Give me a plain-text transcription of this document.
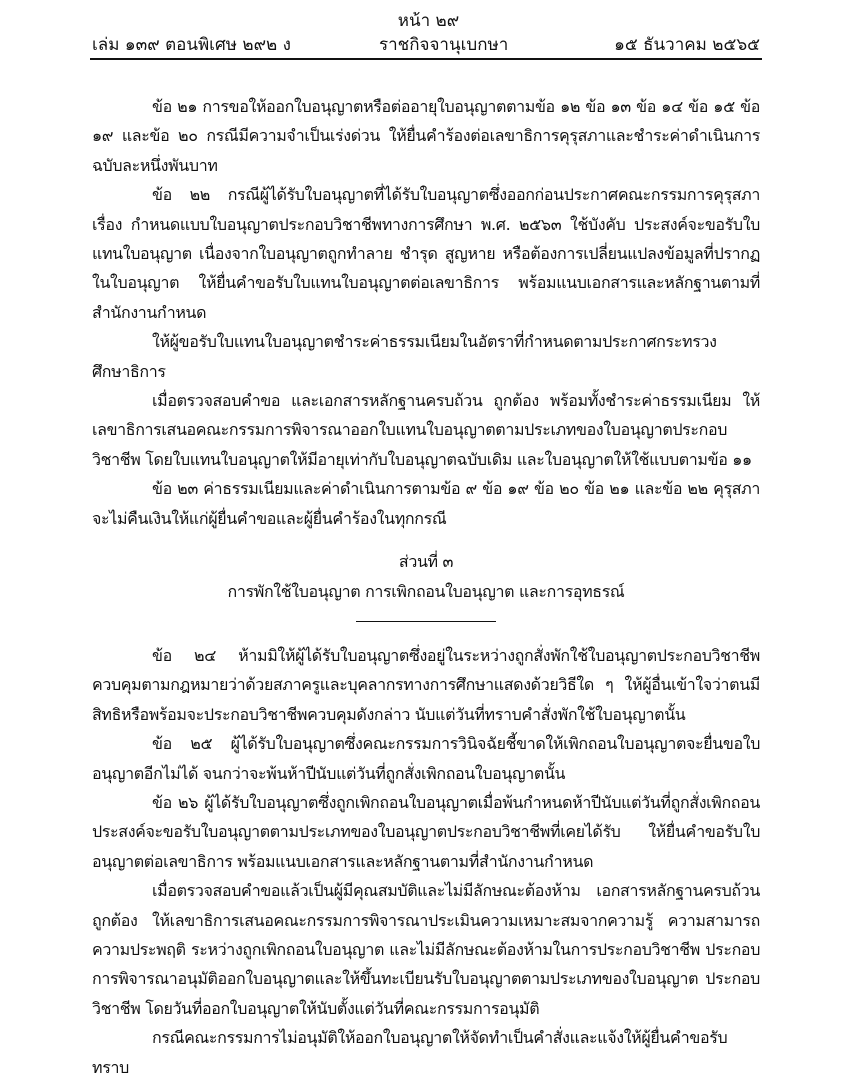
หน้า ๒๙
เล่ม ๑๓๙ ตอนพิเศษ ๒๙๒ ง	ราชกิจจานุเบกษา	๑๕ ธันวาคม ๒๕๖๕

ข้อ ๒๑ การขอให้ออกใบอนุญาตหรือต่ออายุใบอนุญาตตามข้อ ๑๒ ข้อ ๑๓ ข้อ ๑๔ ข้อ ๑๕ ข้อ ๑๙ และข้อ ๒๐ กรณีมีความจำเป็นเร่งด่วน ให้ยื่นคำร้องต่อเลขาธิการคุรุสภาและชำระค่าดำเนินการฉบับละหนึ่งพันบาท

ข้อ ๒๒ กรณีผู้ได้รับใบอนุญาตที่ได้รับใบอนุญาตซึ่งออกก่อนประกาศคณะกรรมการคุรุสภา เรื่อง กำหนดแบบใบอนุญาตประกอบวิชาชีพทางการศึกษา พ.ศ. ๒๕๖๓ ใช้บังคับ ประสงค์จะขอรับใบแทนใบอนุญาต เนื่องจากใบอนุญาตถูกทำลาย ชำรุด สูญหาย หรือต้องการเปลี่ยนแปลงข้อมูลที่ปรากฏในใบอนุญาต ให้ยื่นคำขอรับใบแทนใบอนุญาตต่อเลขาธิการ พร้อมแนบเอกสารและหลักฐานตามที่สำนักงานกำหนด

ให้ผู้ขอรับใบแทนใบอนุญาตชำระค่าธรรมเนียมในอัตราที่กำหนดตามประกาศกระทรวงศึกษาธิการ

เมื่อตรวจสอบคำขอ และเอกสารหลักฐานครบถ้วน ถูกต้อง พร้อมทั้งชำระค่าธรรมเนียม ให้เลขาธิการเสนอคณะกรรมการพิจารณาออกใบแทนใบอนุญาตตามประเภทของใบอนุญาตประกอบวิชาชีพ โดยใบแทนใบอนุญาตให้มีอายุเท่ากับใบอนุญาตฉบับเดิม และใบอนุญาตให้ใช้แบบตามข้อ ๑๑

ข้อ ๒๓ ค่าธรรมเนียมและค่าดำเนินการตามข้อ ๙ ข้อ ๑๙ ข้อ ๒๐ ข้อ ๒๑ และข้อ ๒๒ คุรุสภาจะไม่คืนเงินให้แก่ผู้ยื่นคำขอและผู้ยื่นคำร้องในทุกกรณี

ส่วนที่ ๓

การพักใช้ใบอนุญาต การเพิกถอนใบอนุญาต และการอุทธรณ์

ข้อ ๒๔ ห้ามมิให้ผู้ได้รับใบอนุญาตซึ่งอยู่ในระหว่างถูกสั่งพักใช้ใบอนุญาตประกอบวิชาชีพควบคุมตามกฎหมายว่าด้วยสภาครูและบุคลากรทางการศึกษาแสดงด้วยวิธีใด ๆ ให้ผู้อื่นเข้าใจว่าตนมีสิทธิหรือพร้อมจะประกอบวิชาชีพควบคุมดังกล่าว นับแต่วันที่ทราบคำสั่งพักใช้ใบอนุญาตนั้น

ข้อ ๒๕ ผู้ได้รับใบอนุญาตซึ่งคณะกรรมการวินิจฉัยชี้ขาดให้เพิกถอนใบอนุญาตจะยื่นขอใบอนุญาตอีกไม่ได้ จนกว่าจะพ้นห้าปีนับแต่วันที่ถูกสั่งเพิกถอนใบอนุญาตนั้น

ข้อ ๒๖ ผู้ได้รับใบอนุญาตซึ่งถูกเพิกถอนใบอนุญาตเมื่อพ้นกำหนดห้าปีนับแต่วันที่ถูกสั่งเพิกถอนประสงค์จะขอรับใบอนุญาตตามประเภทของใบอนุญาตประกอบวิชาชีพที่เคยได้รับ ให้ยื่นคำขอรับใบอนุญาตต่อเลขาธิการ พร้อมแนบเอกสารและหลักฐานตามที่สำนักงานกำหนด

เมื่อตรวจสอบคำขอแล้วเป็นผู้มีคุณสมบัติและไม่มีลักษณะต้องห้าม เอกสารหลักฐานครบถ้วน ถูกต้อง ให้เลขาธิการเสนอคณะกรรมการพิจารณาประเมินความเหมาะสมจากความรู้ ความสามารถ ความประพฤติ ระหว่างถูกเพิกถอนใบอนุญาต และไม่มีลักษณะต้องห้ามในการประกอบวิชาชีพ ประกอบการพิจารณาอนุมัติออกใบอนุญาตและให้ขึ้นทะเบียนรับใบอนุญาตตามประเภทของใบอนุญาต ประกอบวิชาชีพ โดยวันที่ออกใบอนุญาตให้นับตั้งแต่วันที่คณะกรรมการอนุมัติ

กรณีคณะกรรมการไม่อนุมัติให้ออกใบอนุญาตให้จัดทำเป็นคำสั่งและแจ้งให้ผู้ยื่นคำขอรับทราบ
